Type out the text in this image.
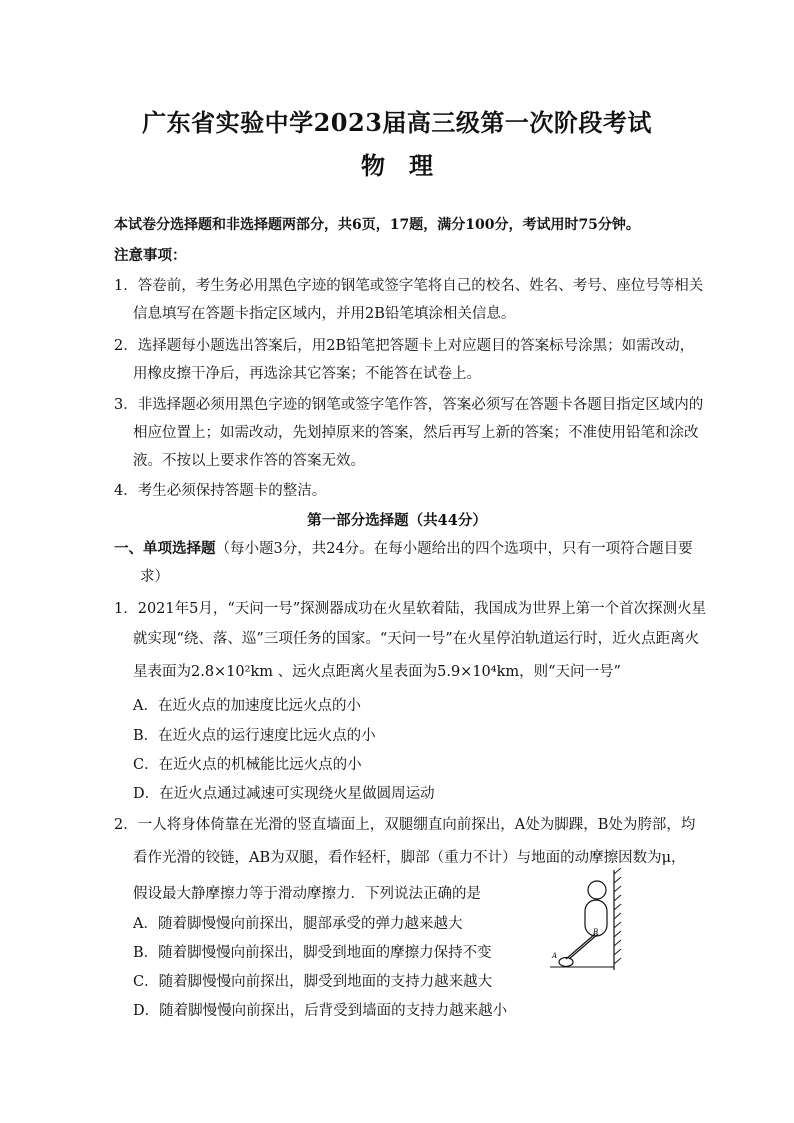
广东省实验中学2023届高三级第一次阶段考试
物　理
本试卷分选择题和非选择题两部分，共6页，17题，满分100分，考试用时75分钟。
注意事项：
1．答卷前，考生务必用黑色字迹的钢笔或签字笔将自己的校名、姓名、考号、座位号等相关
信息填写在答题卡指定区域内，并用2B铅笔填涂相关信息。
2．选择题每小题选出答案后，用2B铅笔把答题卡上对应题目的答案标号涂黑；如需改动，
用橡皮擦干净后，再选涂其它答案；不能答在试卷上。
3．非选择题必须用黑色字迹的钢笔或签字笔作答，答案必须写在答题卡各题目指定区域内的
相应位置上；如需改动，先划掉原来的答案，然后再写上新的答案；不准使用铅笔和涂改
液。不按以上要求作答的答案无效。
4．考生必须保持答题卡的整洁。
第一部分选择题（共44分）
一、单项选择题（每小题3分，共24分。在每小题给出的四个选项中，只有一项符合题目要
求）
1．2021年5月，“天问一号”探测器成功在火星软着陆，我国成为世界上第一个首次探测火星
就实现“绕、落、巡”三项任务的国家。“天问一号”在火星停泊轨道运行时，近火点距离火
星表面为2.8×10²km 、远火点距离火星表面为5.9×10⁴km，则“天问一号”
A．在近火点的加速度比远火点的小
B．在近火点的运行速度比远火点的小
C．在近火点的机械能比远火点的小
D．在近火点通过减速可实现绕火星做圆周运动
2．一人将身体倚靠在光滑的竖直墙面上，双腿绷直向前探出，A处为脚踝，B处为胯部，均
看作光滑的铰链，AB为双腿，看作轻杆，脚部（重力不计）与地面的动摩擦因数为μ，
假设最大静摩擦力等于滑动摩擦力．下列说法正确的是
A．随着脚慢慢向前探出，腿部承受的弹力越来越大
B．随着脚慢慢向前探出，脚受到地面的摩擦力保持不变
C．随着脚慢慢向前探出，脚受到地面的支持力越来越大
D．随着脚慢慢向前探出，后背受到墙面的支持力越来越小
A
B
